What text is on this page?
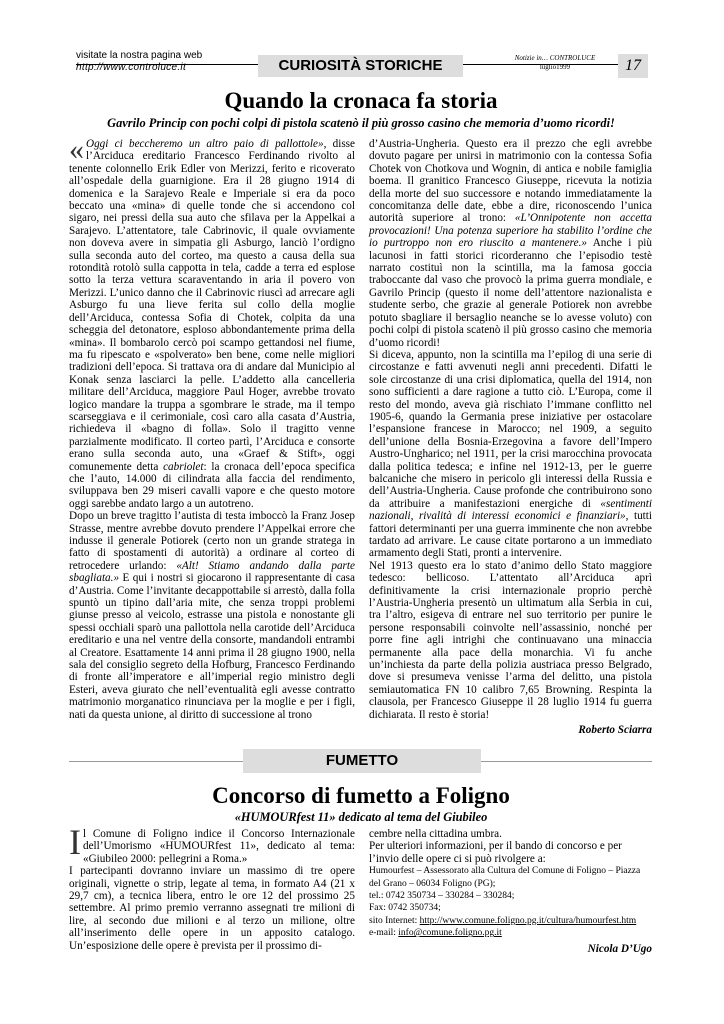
visitate la nostra pagina web
http://www.controluce.it	CURIOSITÀ STORICHE	Notizie in… CONTROLUCE
luglio1999	17
Quando la cronaca fa storia
Gavrilo Princip con pochi colpi di pistola scatenò il più grosso casino che memoria d’uomo ricordi!

« Oggi ci beccheremo un altro paio di pallottole», disse l’Arciduca ereditario Francesco Ferdinando rivolto al tenente colonnello Erik Edler von Merizzi, ferito e ricoverato all’ospedale della guarnigione. Era il 28 giugno 1914 di domenica e la Sarajevo Reale e Imperiale si era da poco beccato una «mina» di quelle tonde che si accendono col sigaro, nei pressi della sua auto che sfilava per la Appelkai a Sarajevo. L’attentatore, tale Cabrinovic, il quale ovviamente non doveva avere in simpatia gli Asburgo, lanciò l’ordigno sulla seconda auto del corteo, ma questo a causa della sua rotondità rotolò sulla cappotta in tela, cadde a terra ed esplose sotto la terza vettura scaraventando in aria il povero von Merizzi. L’unico danno che il Cabrinovic riuscì ad arrecare agli Asburgo fu una lieve ferita sul collo della moglie dell’Arciduca, contessa Sofia di Chotek, colpita da una scheggia del detonatore, esploso abbondantemente prima della «mina». Il bombarolo cercò poi scampo gettandosi nel fiume, ma fu ripescato e «spolverato» ben bene, come nelle migliori tradizioni dell’epoca. Si trattava ora di andare dal Municipio al Konak senza lasciarci la pelle. L’addetto alla cancelleria militare dell’Arciduca, maggiore Paul Hoger, avrebbe trovato logico mandare la truppa a sgombrare le strade, ma il tempo scarseggiava e il cerimoniale, così caro alla casata d’Austria, richiedeva il «bagno di folla». Solo il tragitto venne parzialmente modificato. Il corteo partì, l’Arciduca e consorte erano sulla seconda auto, una «Graef & Stift», oggi comunemente detta cabriolet: la cronaca dell’epoca specifica che l’auto, 14.000 di cilindrata alla faccia del rendimento, sviluppava ben 29 miseri cavalli vapore e che questo motore oggi sarebbe andato largo a un autotreno.

Dopo un breve tragitto l’autista di testa imboccò la Franz Josep Strasse, mentre avrebbe dovuto prendere l’Appelkai errore che indusse il generale Potiorek (certo non un grande stratega in fatto di spostamenti di autorità) a ordinare al corteo di retrocedere urlando: «Alt! Stiamo andando dalla parte sbagliata.» E qui i nostri si giocarono il rappresentante di casa d’Austria. Come l’invitante decappottabile si arrestò, dalla folla spuntò un tipino dall’aria mite, che senza troppi problemi giunse presso al veicolo, estrasse una pistola e nonostante gli spessi occhiali sparò una pallottola nella carotide dell’Arciduca ereditario e una nel ventre della consorte, mandandoli entrambi al Creatore. Esattamente 14 anni prima il 28 giugno 1900, nella sala del consiglio segreto della Hofburg, Francesco Ferdinando di fronte all’imperatore e all’imperial regio ministro degli Esteri, aveva giurato che nell’eventualità egli avesse contratto matrimonio morganatico rinunciava per la moglie e per i figli, nati da questa unione, al diritto di successione al trono

d’Austria-Ungheria. Questo era il prezzo che egli avrebbe dovuto pagare per unirsi in matrimonio con la contessa Sofia Chotek von Chotkova und Wognin, di antica e nobile famiglia boema. Il granitico Francesco Giuseppe, ricevuta la notizia della morte del suo successore e notando immediatamente la concomitanza delle date, ebbe a dire, riconoscendo l’unica autorità superiore al trono: «L’Onnipotente non accetta provocazioni! Una potenza superiore ha stabilito l’ordine che io purtroppo non ero riuscito a mantenere.» Anche i più lacunosi in fatti storici ricorderanno che l’episodio testè narrato costituì non la scintilla, ma la famosa goccia traboccante dal vaso che provocò la prima guerra mondiale, e Gavrilo Princip (questo il nome dell’attentore nazionalista e studente serbo, che grazie al generale Potiorek non avrebbe potuto sbagliare il bersaglio neanche se lo avesse voluto) con pochi colpi di pistola scatenò il più grosso casino che memoria d’uomo ricordi!

Si diceva, appunto, non la scintilla ma l’epilog di una serie di circostanze e fatti avvenuti negli anni precedenti. Difatti le sole circostanze di una crisi diplomatica, quella del 1914, non sono sufficienti a dare ragione a tutto ciò. L’Europa, come il resto del mondo, aveva già rischiato l’immane conflitto nel 1905-6, quando la Germania prese iniziative per ostacolare l’espansione francese in Marocco; nel 1909, a seguito dell’unione della Bosnia-Erzegovina a favore dell’Impero Austro-Ungharico; nel 1911, per la crisi marocchina provocata dalla politica tedesca; e infine nel 1912-13, per le guerre balcaniche che misero in pericolo gli interessi della Russia e dell’Austria-Ungheria. Cause profonde che contribuirono sono da attribuire a manifestazioni energiche di «sentimenti nazionali, rivalità di interessi economici e finanziari», tutti fattori determinanti per una guerra imminente che non avrebbe tardato ad arrivare. Le cause citate portarono a un immediato armamento degli Stati, pronti a intervenire.

Nel 1913 questo era lo stato d’animo dello Stato maggiore tedesco: bellicoso. L’attentato all’Arciduca aprì definitivamente la crisi internazionale proprio perchè l’Austria-Ungheria presentò un ultimatum alla Serbia in cui, tra l’altro, esigeva di entrare nel suo territorio per punire le persone responsabili coinvolte nell’assassinio, nonché per porre fine agli intrighi che continuavano una minaccia permanente alla pace della monarchia. Vi fu anche un’inchiesta da parte della polizia austriaca presso Belgrado, dove si presumeva venisse l’arma del delitto, una pistola semiautomatica FN 10 calibro 7,65 Browning. Respinta la clausola, per Francesco Giuseppe il 28 luglio 1914 fu guerra dichiarata. Il resto è storia!

Roberto Sciarra
FUMETTO
Concorso di fumetto a Foligno
«HUMOURfest 11» dedicato al tema del Giubileo

Il Comune di Foligno indice il Concorso Internazionale dell’Umorismo «HUMOURfest 11», dedicato al tema: «Giubileo 2000: pellegrini a Roma.»

I partecipanti dovranno inviare un massimo di tre opere originali, vignette o strip, legate al tema, in formato A4 (21 x 29,7 cm), a tecnica libera, entro le ore 12 del prossimo 25 settembre. Al primo premio verranno assegnati tre milioni di lire, al secondo due milioni e al terzo un milione, oltre all’inserimento delle opere in un apposito catalogo. Un’esposizione delle opere è prevista per il prossimo di-

cembre nella cittadina umbra.

Per ulteriori informazioni, per il bando di concorso e per l’invio delle opere ci si può rivolgere a:

Humourfest – Assessorato alla Cultura del Comune di Foligno – Piazza del Grano – 06034 Foligno (PG);

tel.: 0742 350734 – 330284 – 330284;

Fax: 0742 350734;

sito Internet: http://www.comune.foligno.pg.it/cultura/humourfest.htm

e-mail: info@comune.foligno.pg.it

Nicola D’Ugo
